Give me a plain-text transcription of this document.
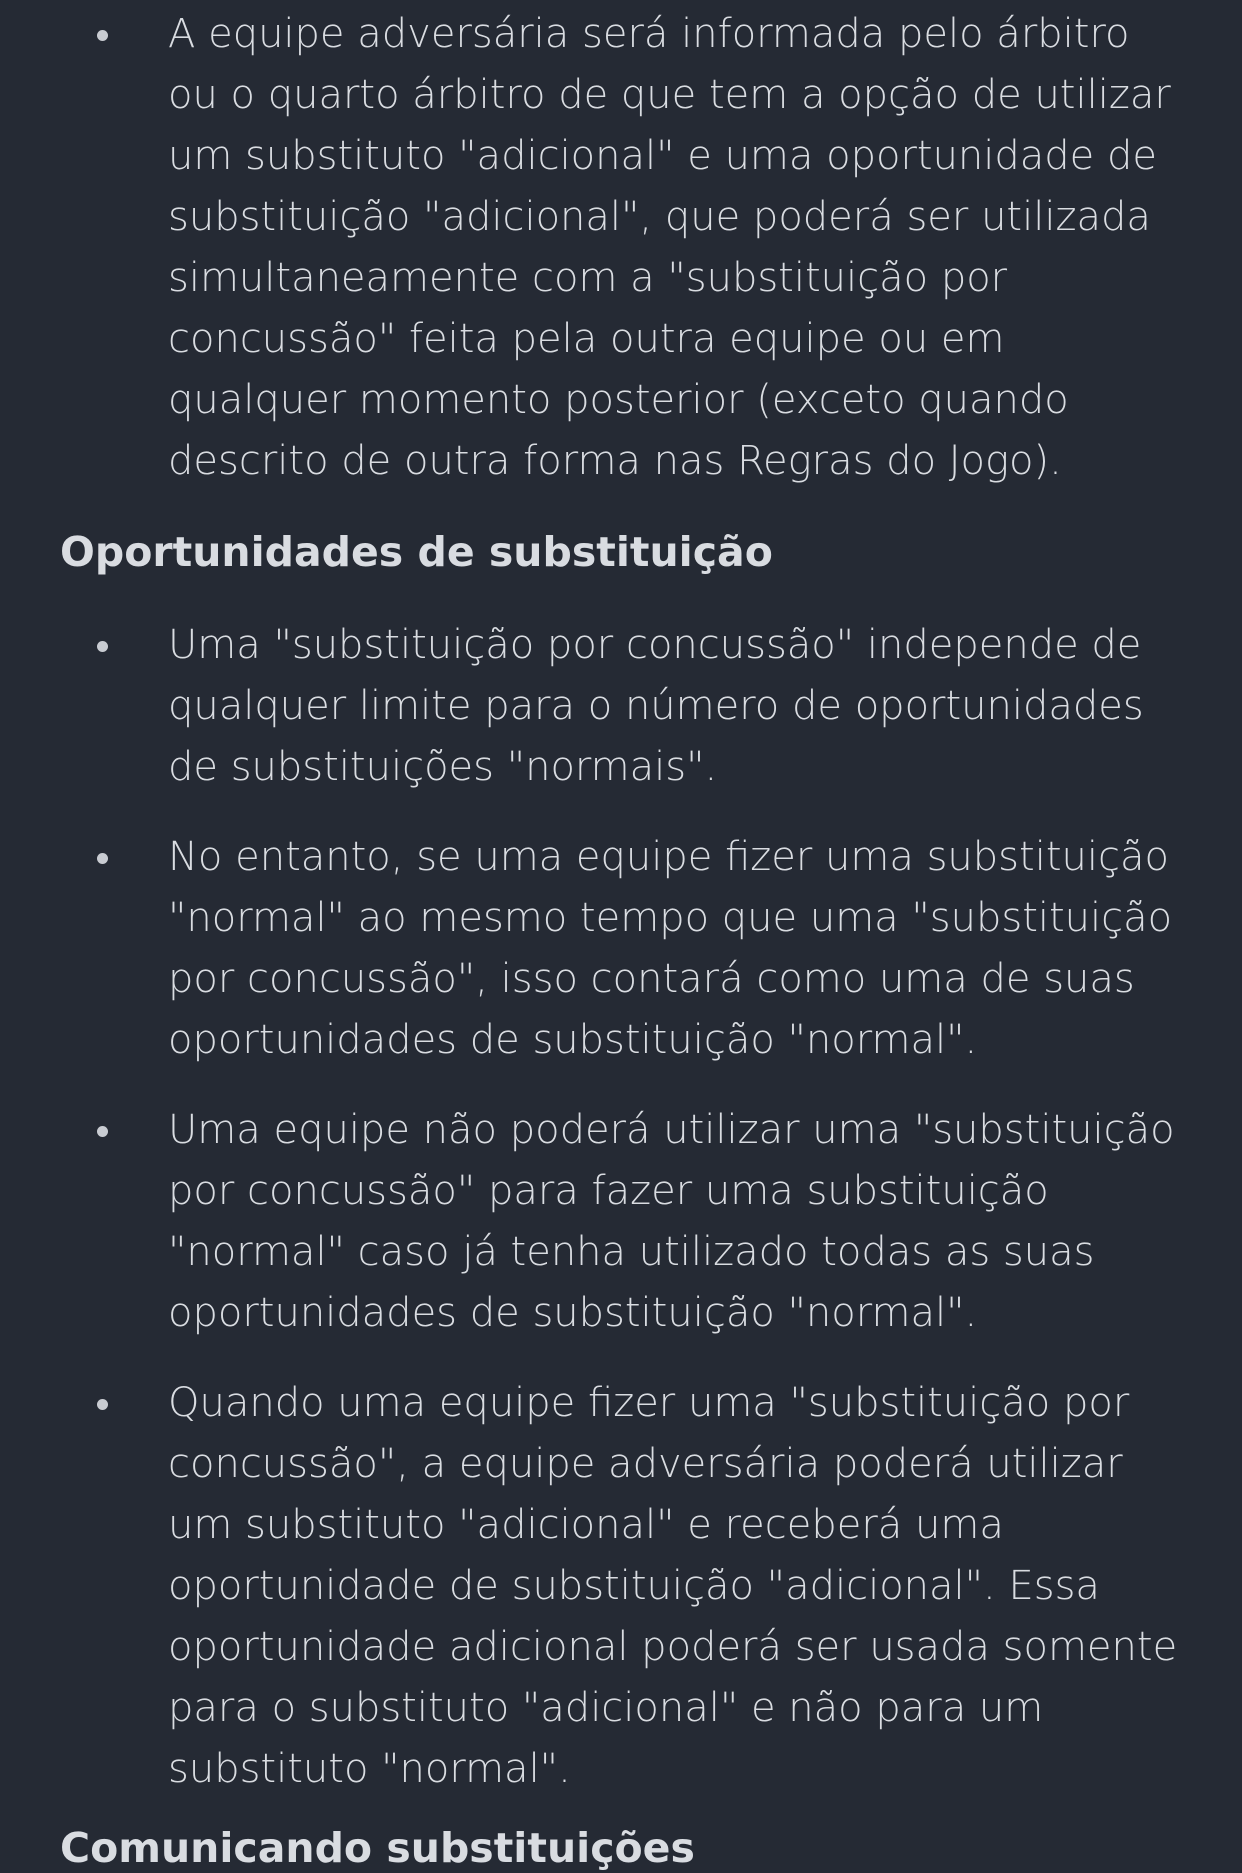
A equipe adversária será informada pelo árbitro ou o quarto árbitro de que tem a opção de utilizar um substituto "adicional" e uma oportunidade de substituição "adicional", que poderá ser utilizada simultaneamente com a "substituição por concussão" feita pela outra equipe ou em qualquer momento posterior (exceto quando descrito de outra forma nas Regras do Jogo).
Oportunidades de substituição
Uma "substituição por concussão" independe de qualquer limite para o número de oportunidades de substituições "normais".
No entanto, se uma equipe fizer uma substituição "normal" ao mesmo tempo que uma "substituição por concussão", isso contará como uma de suas oportunidades de substituição "normal".
Uma equipe não poderá utilizar uma "substituição por concussão" para fazer uma substituição "normal" caso já tenha utilizado todas as suas oportunidades de substituição "normal".
Quando uma equipe fizer uma "substituição por concussão", a equipe adversária poderá utilizar um substituto "adicional" e receberá uma oportunidade de substituição "adicional". Essa oportunidade adicional poderá ser usada somente para o substituto "adicional" e não para um substituto "normal".
Comunicando substituições
